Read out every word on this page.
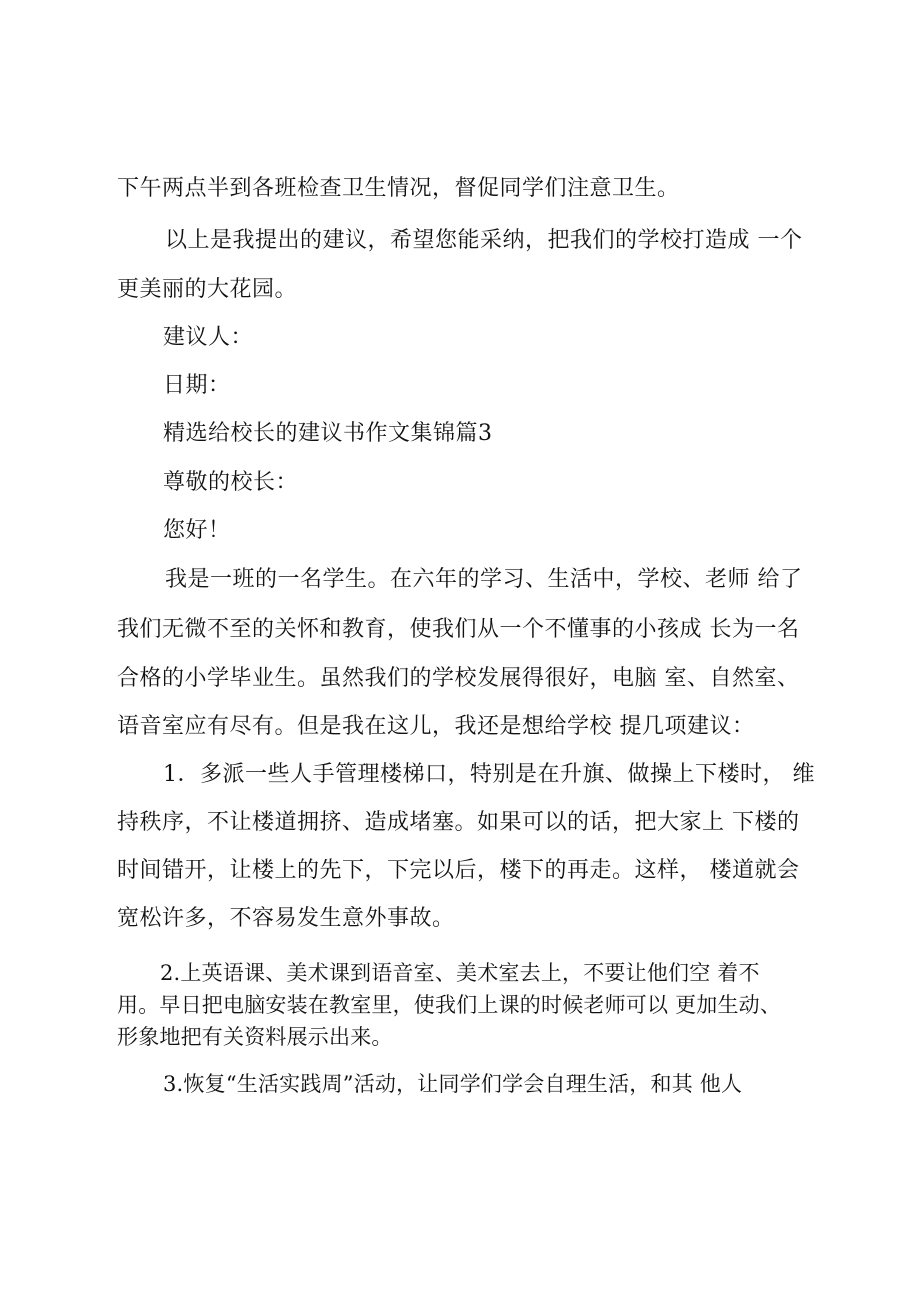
下午两点半到各班检查卫生情况，督促同学们注意卫生。

以上是我提出的建议，希望您能采纳，把我们的学校打造成 一个

更美丽的大花园。

建议人：

日期：

精选给校长的建议书作文集锦篇3

尊敬的校长：

您好！

我是一班的一名学生。在六年的学习、生活中，学校、老师 给了

我们无微不至的关怀和教育，使我们从一个不懂事的小孩成 长为一名

合格的小学毕业生。虽然我们的学校发展得很好，电脑 室、自然室、

语音室应有尽有。但是我在这儿，我还是想给学校 提几项建议：

1．多派一些人手管理楼梯口，特别是在升旗、做操上下楼时， 维

持秩序，不让楼道拥挤、造成堵塞。如果可以的话，把大家上 下楼的

时间错开，让楼上的先下，下完以后，楼下的再走。这样， 楼道就会

宽松许多，不容易发生意外事故。

2.上英语课、美术课到语音室、美术室去上，不要让他们空 着不

用。早日把电脑安装在教室里，使我们上课的时候老师可以 更加生动、

形象地把有关资料展示出来。

3.恢复“生活实践周”活动，让同学们学会自理生活，和其 他人
